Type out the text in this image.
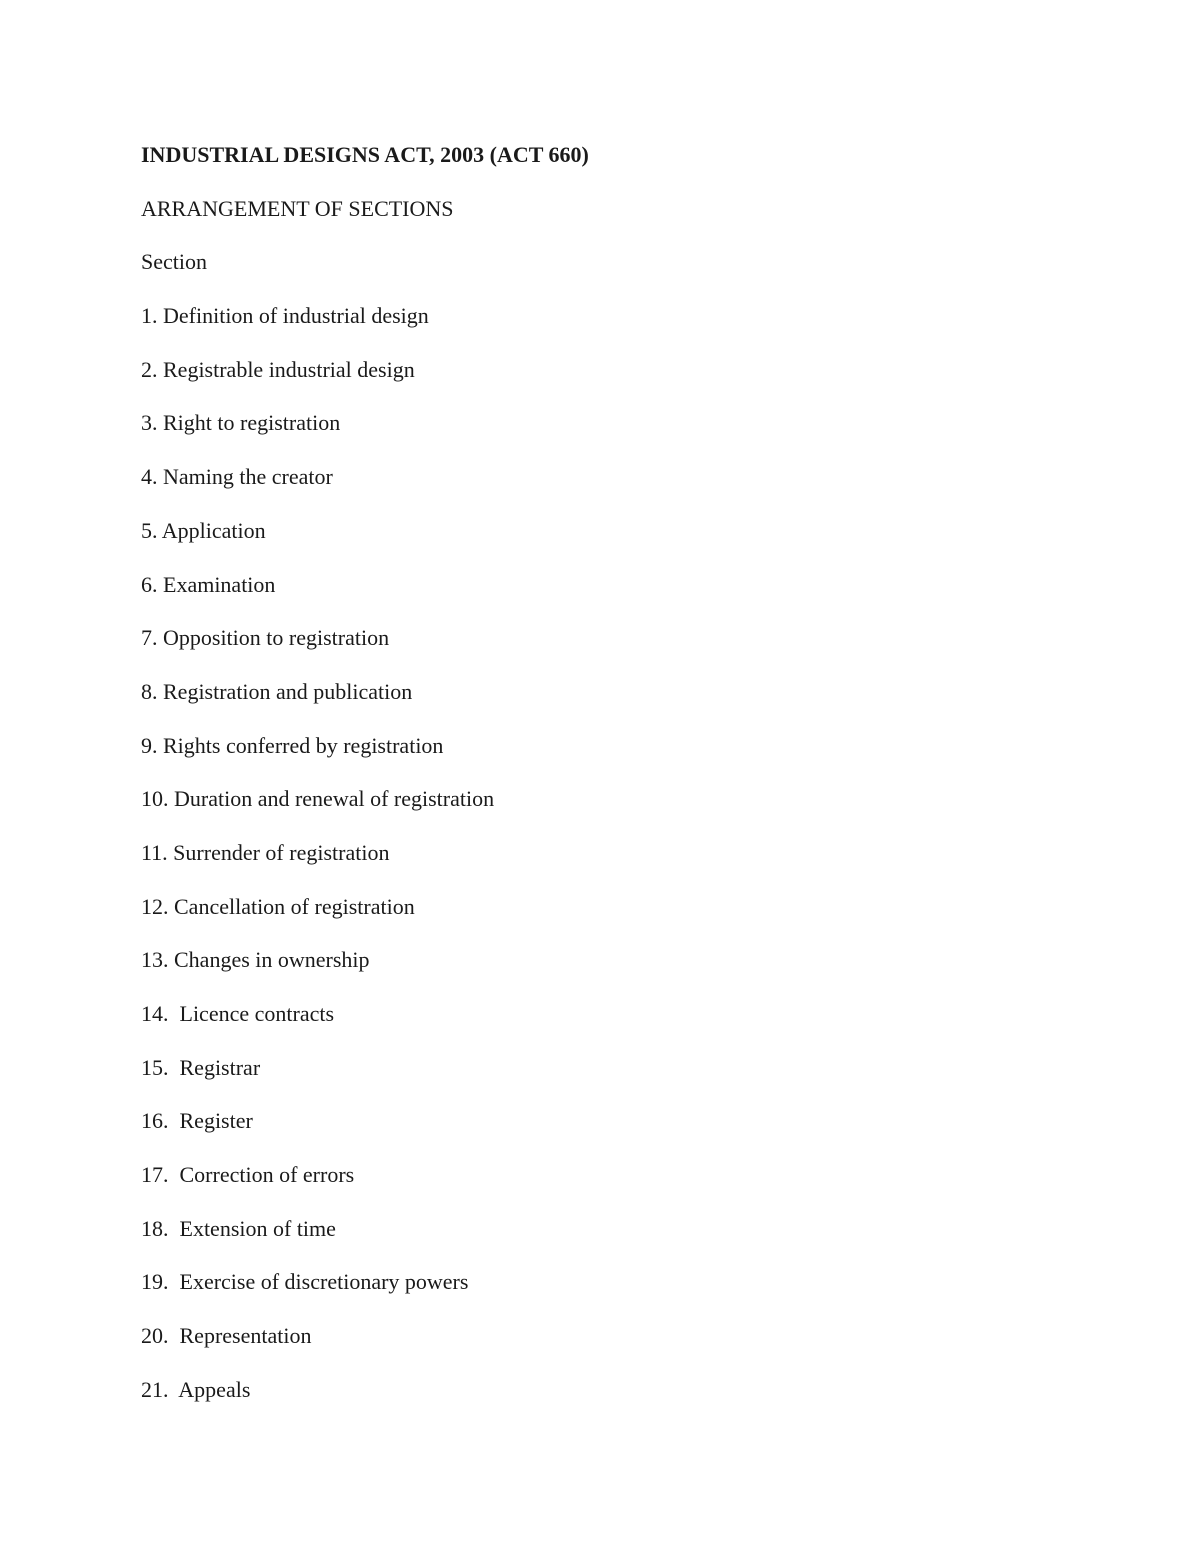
INDUSTRIAL DESIGNS ACT, 2003 (ACT 660)
ARRANGEMENT OF SECTIONS
Section
1. Definition of industrial design
2. Registrable industrial design
3. Right to registration
4. Naming the creator
5. Application
6. Examination
7. Opposition to registration
8. Registration and publication
9. Rights conferred by registration
10. Duration and renewal of registration
11. Surrender of registration
12. Cancellation of registration
13. Changes in ownership
14.  Licence contracts
15.  Registrar
16.  Register
17.  Correction of errors
18.  Extension of time
19.  Exercise of discretionary powers
20.  Representation
21.  Appeals
